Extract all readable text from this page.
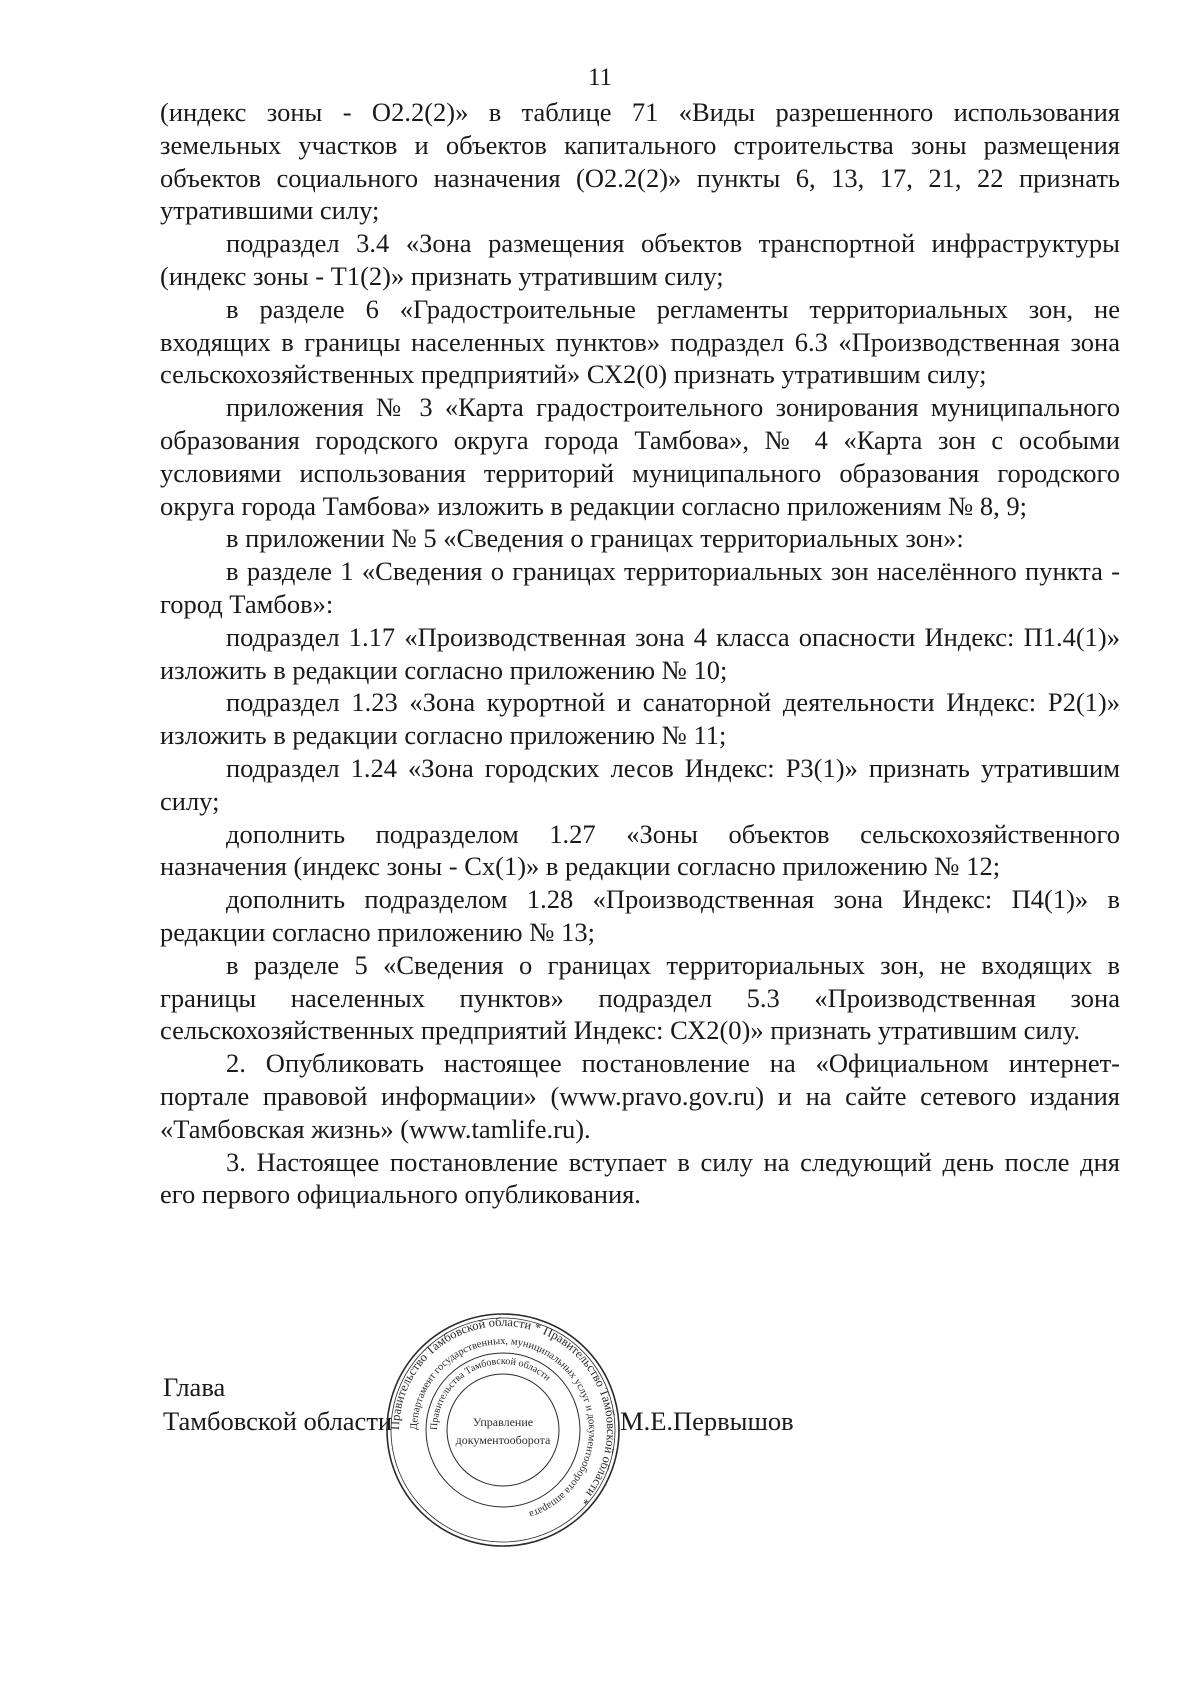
11

(индекс зоны - О2.2(2)» в таблице 71 «Виды разрешенного использования земельных участков и объектов капитального строительства зоны размещения объектов социального назначения (О2.2(2)» пункты 6, 13, 17, 21, 22 признать утратившими силу;

подраздел 3.4 «Зона размещения объектов транспортной инфраструктуры (индекс зоны - Т1(2)» признать утратившим силу;

в разделе 6 «Градостроительные регламенты территориальных зон, не входящих в границы населенных пунктов» подраздел 6.3 «Производственная зона сельскохозяйственных предприятий» СХ2(0) признать утратившим силу;

приложения № 3 «Карта градостроительного зонирования муниципального образования городского округа города Тамбова», № 4 «Карта зон с особыми условиями использования территорий муниципального образования городского округа города Тамбова» изложить в редакции согласно приложениям № 8, 9;

в приложении № 5 «Сведения о границах территориальных зон»:

в разделе 1 «Сведения о границах территориальных зон населённого пункта - город Тамбов»:

подраздел 1.17 «Производственная зона 4 класса опасности Индекс: П1.4(1)» изложить в редакции согласно приложению № 10;

подраздел 1.23 «Зона курортной и санаторной деятельности Индекс: Р2(1)» изложить в редакции согласно приложению № 11;

подраздел 1.24 «Зона городских лесов Индекс: Р3(1)» признать утратившим силу;

дополнить подразделом 1.27 «Зоны объектов сельскохозяйственного назначения (индекс зоны - Сх(1)» в редакции согласно приложению № 12;

дополнить подразделом 1.28 «Производственная зона Индекс: П4(1)» в редакции согласно приложению № 13;

в разделе 5 «Сведения о границах территориальных зон, не входящих в границы населенных пунктов» подраздел 5.3 «Производственная зона сельскохозяйственных предприятий Индекс: СХ2(0)» признать утратившим силу.

2. Опубликовать настоящее постановление на «Официальном интернет-портале правовой информации» (www.pravo.gov.ru) и на сайте сетевого издания «Тамбовская жизнь» (www.tamlife.ru).

3. Настоящее постановление вступает в силу на следующий день после дня его первого официального опубликования.

Глава
Тамбовской области	М.Е.Первышов
Правительство Тамбовской области * Правительство Тамбовской области *
Департамент государственных, муниципальных услуг и документооборота аппарата
Правительства Тамбовской области
Управление
документооборота
